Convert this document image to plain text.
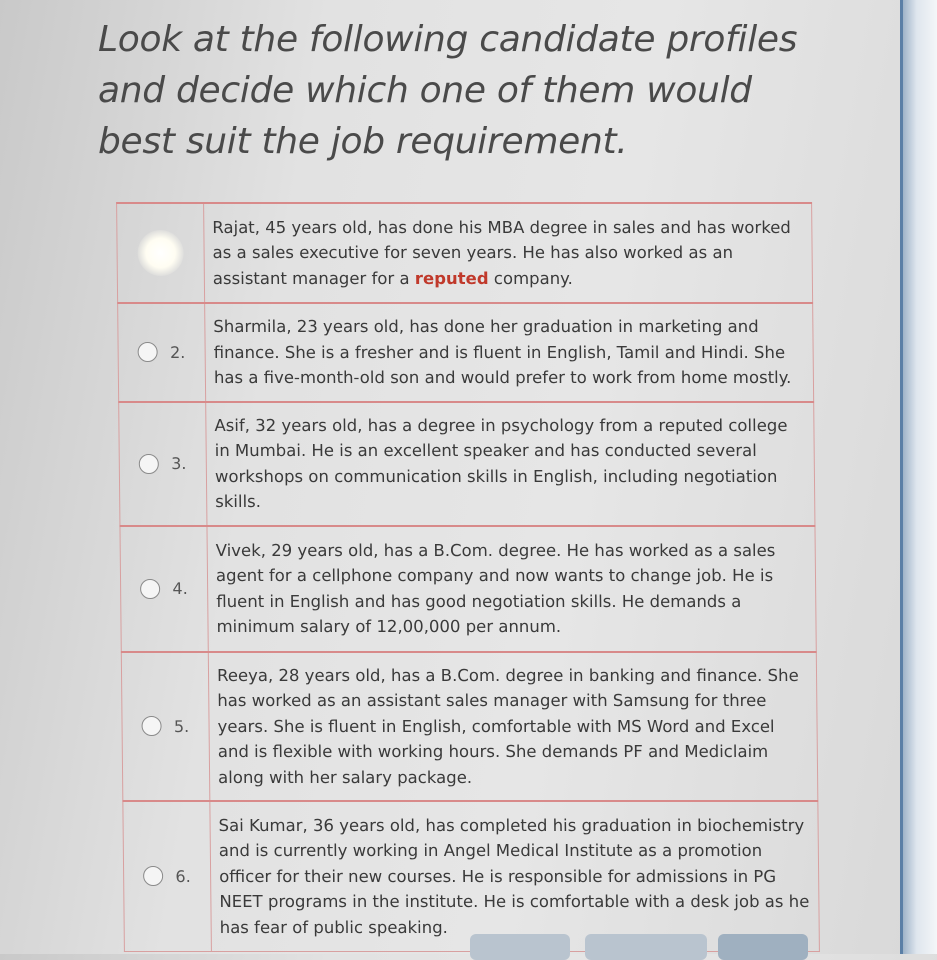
Look at the following candidate profiles and decide which one of them would best suit the job requirement.
	Rajat, 45 years old, has done his MBA degree in sales and has worked as a sales executive for seven years. He has also worked as an assistant manager for a reputed company.

2.	Sharmila, 23 years old, has done her graduation in marketing and finance. She is a fresher and is fluent in English, Tamil and Hindi. She has a five-month-old son and would prefer to work from home mostly.

3.	Asif, 32 years old, has a degree in psychology from a reputed college in Mumbai. He is an excellent speaker and has conducted several workshops on communication skills in English, including negotiation skills.

4.	Vivek, 29 years old, has a B.Com. degree. He has worked as a sales agent for a cellphone company and now wants to change job. He is fluent in English and has good negotiation skills. He demands a minimum salary of 12,00,000 per annum.

5.	Reeya, 28 years old, has a B.Com. degree in banking and finance. She has worked as an assistant sales manager with Samsung for three years. She is fluent in English, comfortable with MS Word and Excel and is flexible with working hours. She demands PF and Mediclaim along with her salary package.

6.	Sai Kumar, 36 years old, has completed his graduation in biochemistry and is currently working in Angel Medical Institute as a promotion officer for their new courses. He is responsible for admissions in PG NEET programs in the institute. He is comfortable with a desk job as he has fear of public speaking.
